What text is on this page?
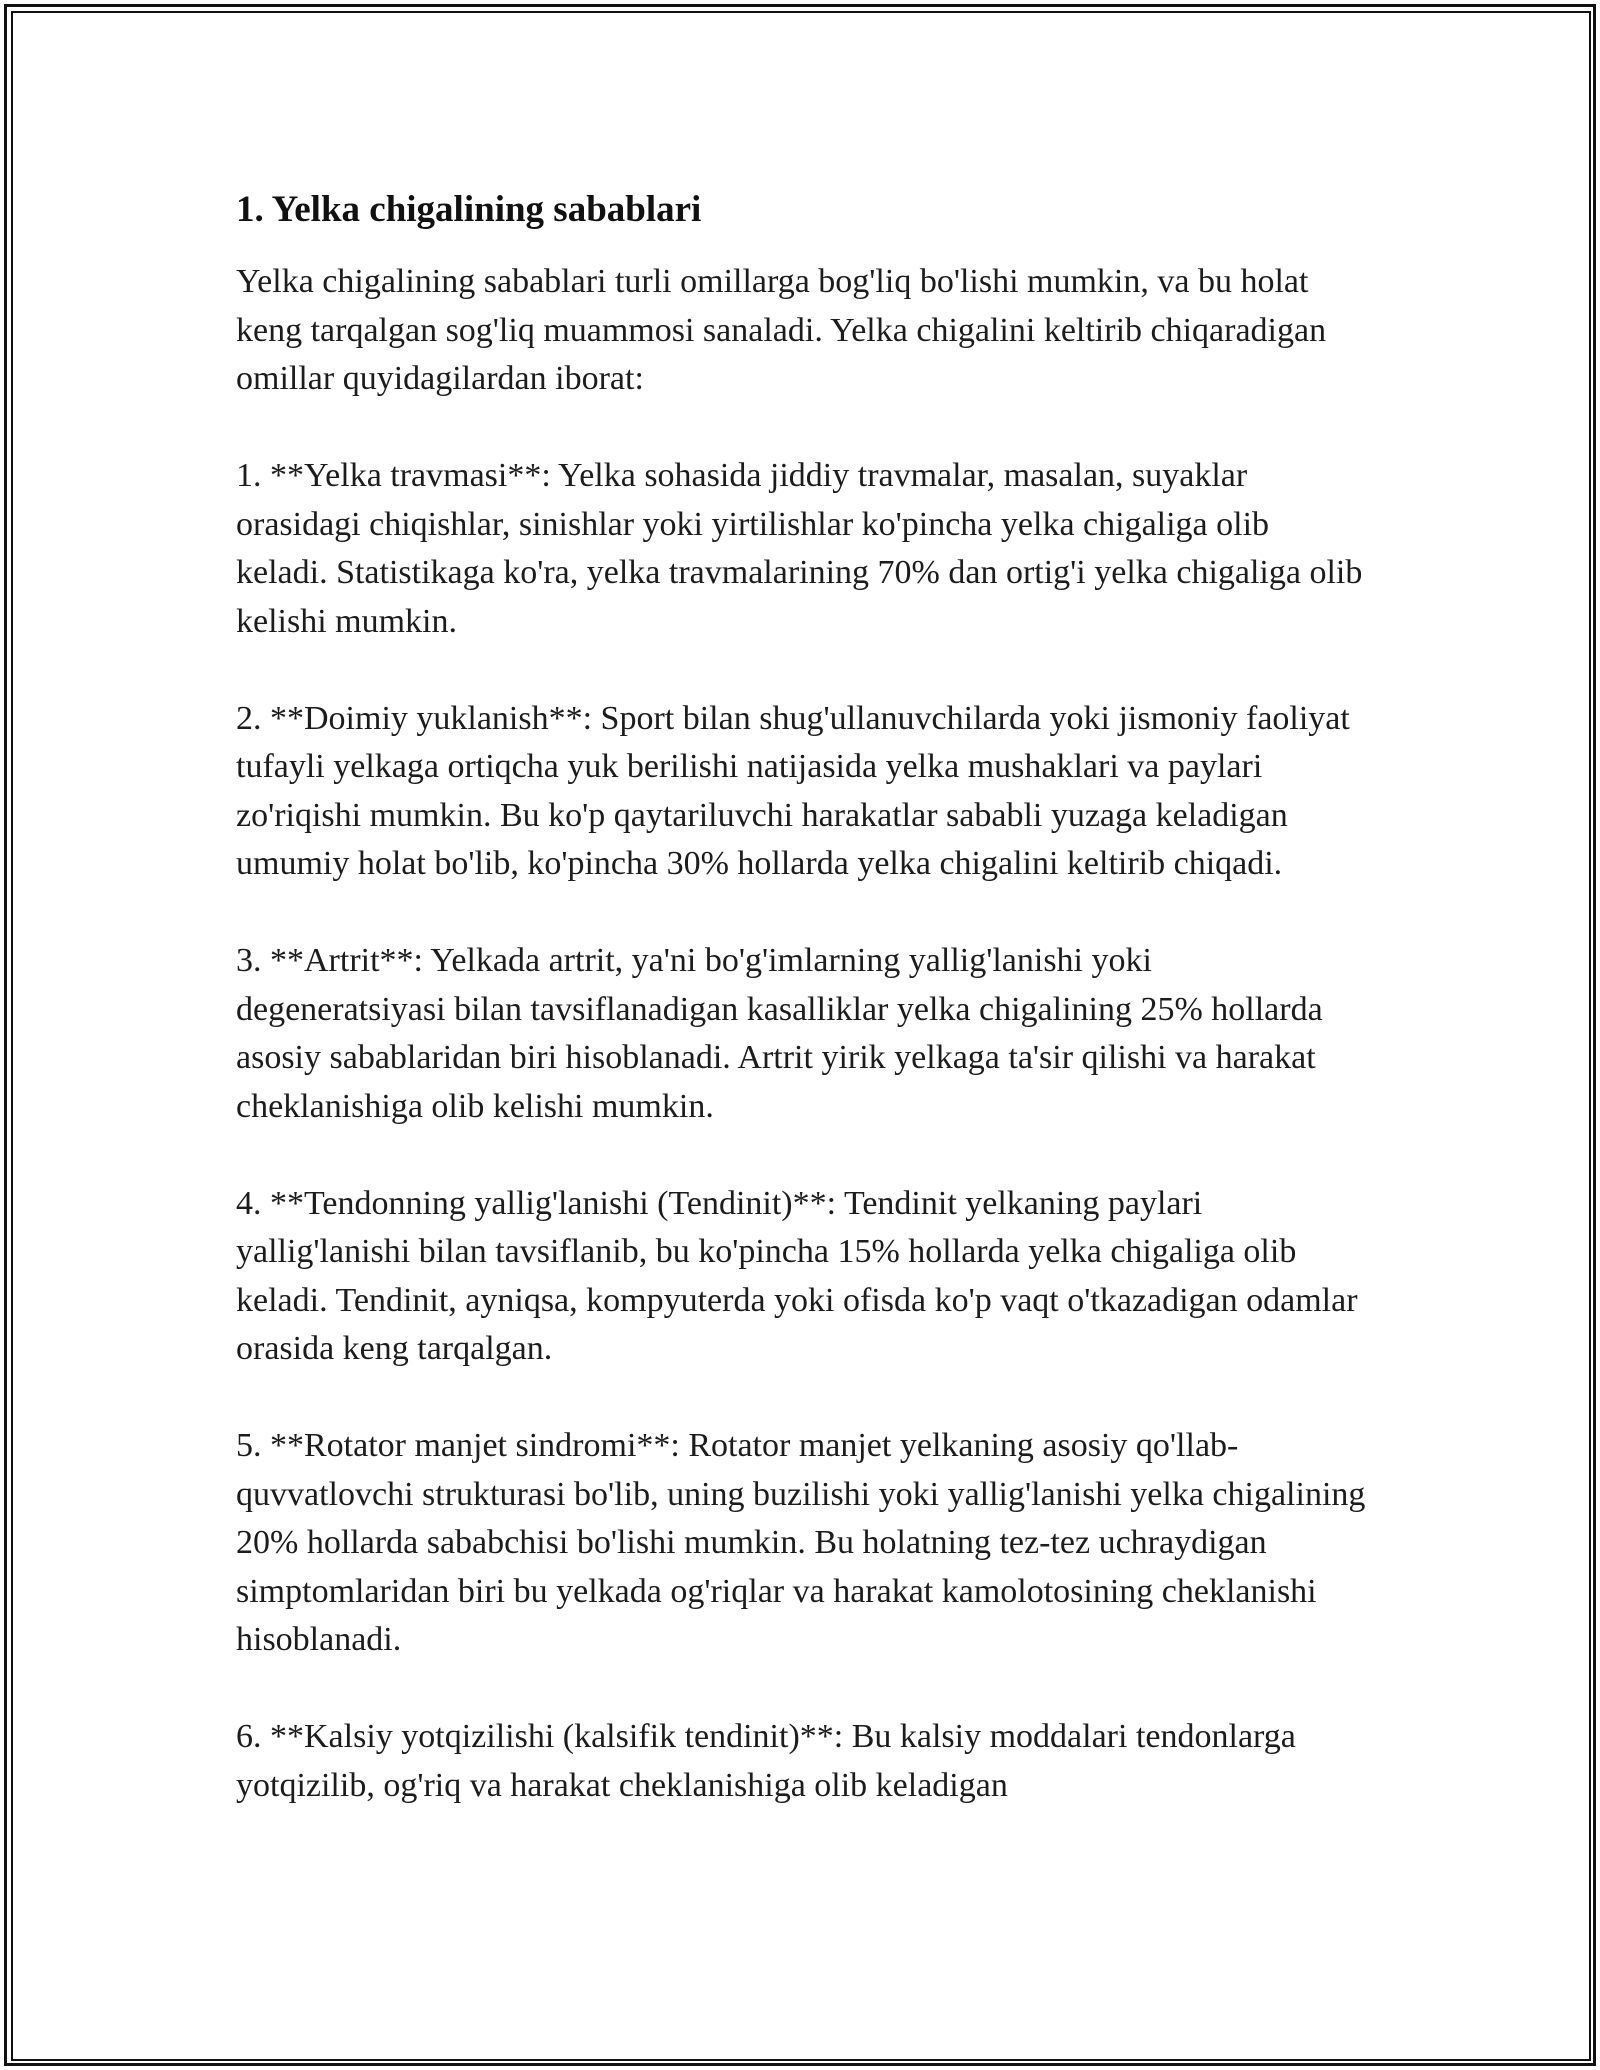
1. Yelka chigalining sabablari

Yelka chigalining sabablari turli omillarga bog'liq bo'lishi mumkin, va bu holat keng tarqalgan sog'liq muammosi sanaladi. Yelka chigalini keltirib chiqaradigan omillar quyidagilardan iborat:

1. **Yelka travmasi**: Yelka sohasida jiddiy travmalar, masalan, suyaklar orasidagi chiqishlar, sinishlar yoki yirtilishlar ko'pincha yelka chigaliga olib keladi. Statistikaga ko'ra, yelka travmalarining 70% dan ortig'i yelka chigaliga olib kelishi mumkin.

2. **Doimiy yuklanish**: Sport bilan shug'ullanuvchilarda yoki jismoniy faoliyat tufayli yelkaga ortiqcha yuk berilishi natijasida yelka mushaklari va paylari zo'riqishi mumkin. Bu ko'p qaytariluvchi harakatlar sababli yuzaga keladigan umumiy holat bo'lib, ko'pincha 30% hollarda yelka chigalini keltirib chiqadi.

3. **Artrit**: Yelkada artrit, ya'ni bo'g'imlarning yallig'lanishi yoki degeneratsiyasi bilan tavsiflanadigan kasalliklar yelka chigalining 25% hollarda asosiy sabablaridan biri hisoblanadi. Artrit yirik yelkaga ta'sir qilishi va harakat cheklanishiga olib kelishi mumkin.

4. **Tendonning yallig'lanishi (Tendinit)**: Tendinit yelkaning paylari yallig'lanishi bilan tavsiflanib, bu ko'pincha 15% hollarda yelka chigaliga olib keladi. Tendinit, ayniqsa, kompyuterda yoki ofisda ko'p vaqt o'tkazadigan odamlar orasida keng tarqalgan.

5. **Rotator manjet sindromi**: Rotator manjet yelkaning asosiy qo'llab-quvvatlovchi strukturasi bo'lib, uning buzilishi yoki yallig'lanishi yelka chigalining 20% hollarda sababchisi bo'lishi mumkin. Bu holatning tez-tez uchraydigan simptomlaridan biri bu yelkada og'riqlar va harakat kamolotosining cheklanishi hisoblanadi.

6. **Kalsiy yotqizilishi (kalsifik tendinit)**: Bu kalsiy moddalari tendonlarga yotqizilib, og'riq va harakat cheklanishiga olib keladigan
